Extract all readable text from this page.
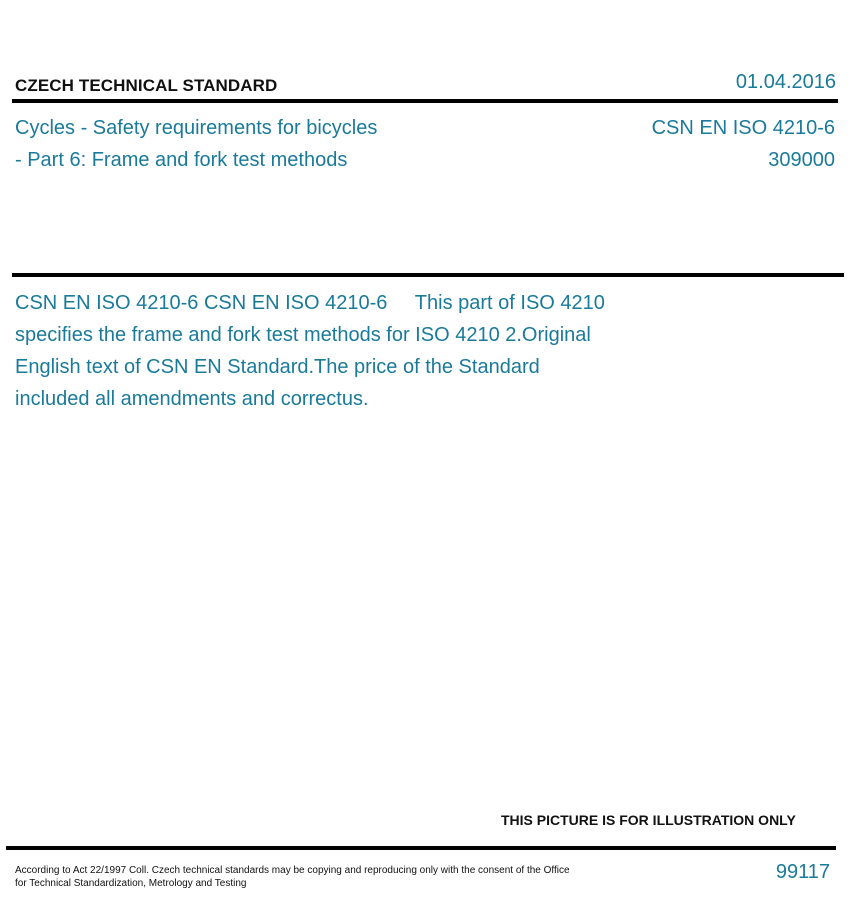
CZECH TECHNICAL STANDARD	01.04.2016
Cycles - Safety requirements for bicycles
- Part 6: Frame and fork test methods
CSN EN ISO 4210-6
309000
CSN EN ISO 4210-6 CSN EN ISO 4210-6     This part of ISO 4210
specifies the frame and fork test methods for ISO 4210 2.Original
English text of CSN EN Standard.The price of the Standard
included all amendments and correctus.
THIS PICTURE IS FOR ILLUSTRATION ONLY
According to Act 22/1997 Coll. Czech technical standards may be copying and reproducing only with the consent of the Office
for Technical Standardization, Metrology and Testing
99117
